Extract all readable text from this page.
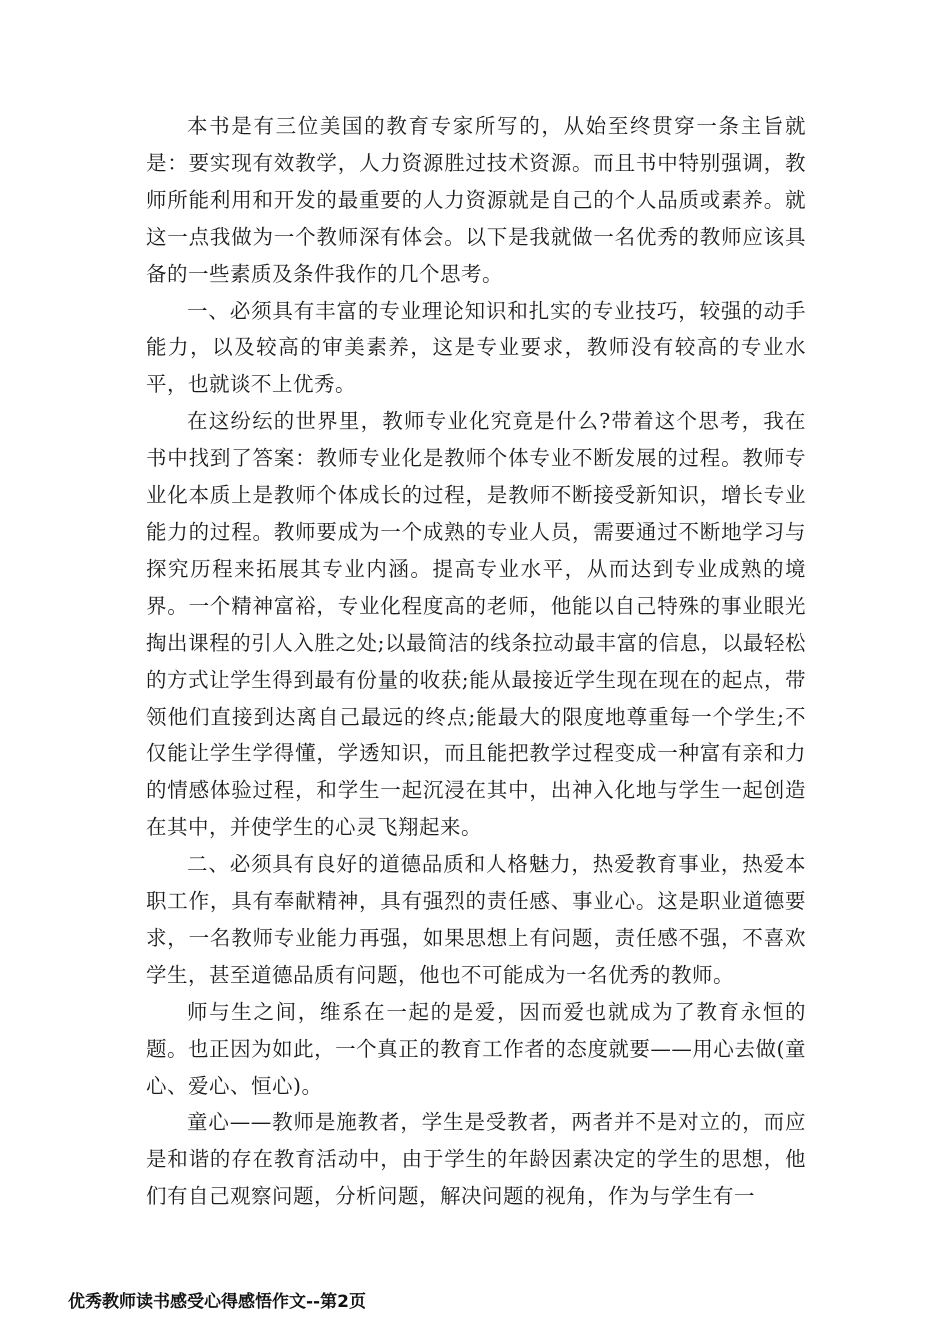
本书是有三位美国的教育专家所写的，从始至终贯穿一条主旨就是：要实现有效教学，人力资源胜过技术资源。而且书中特别强调，教师所能利用和开发的最重要的人力资源就是自己的个人品质或素养。就这一点我做为一个教师深有体会。以下是我就做一名优秀的教师应该具备的一些素质及条件我作的几个思考。

一、必须具有丰富的专业理论知识和扎实的专业技巧，较强的动手能力，以及较高的审美素养，这是专业要求，教师没有较高的专业水平，也就谈不上优秀。

在这纷纭的世界里，教师专业化究竟是什么?带着这个思考，我在书中找到了答案：教师专业化是教师个体专业不断发展的过程。教师专业化本质上是教师个体成长的过程，是教师不断接受新知识，增长专业能力的过程。教师要成为一个成熟的专业人员，需要通过不断地学习与探究历程来拓展其专业内涵。提高专业水平，从而达到专业成熟的境界。一个精神富裕，专业化程度高的老师，他能以自己特殊的事业眼光掏出课程的引人入胜之处;以最简洁的线条拉动最丰富的信息，以最轻松的方式让学生得到最有份量的收获;能从最接近学生现在现在的起点，带领他们直接到达离自己最远的终点;能最大的限度地尊重每一个学生;不仅能让学生学得懂，学透知识，而且能把教学过程变成一种富有亲和力的情感体验过程，和学生一起沉浸在其中，出神入化地与学生一起创造在其中，并使学生的心灵飞翔起来。

二、必须具有良好的道德品质和人格魅力，热爱教育事业，热爱本职工作，具有奉献精神，具有强烈的责任感、事业心。这是职业道德要求，一名教师专业能力再强，如果思想上有问题，责任感不强，不喜欢学生，甚至道德品质有问题，他也不可能成为一名优秀的教师。

师与生之间，维系在一起的是爱，因而爱也就成为了教育永恒的题。也正因为如此，一个真正的教育工作者的态度就要——用心去做(童心、爱心、恒心)。

童心——教师是施教者，学生是受教者，两者并不是对立的，而应是和谐的存在教育活动中，由于学生的年龄因素决定的学生的思想，他们有自己观察问题，分析问题，解决问题的视角，作为与学生有一

优秀教师读书感受心得感悟作文--第2页
